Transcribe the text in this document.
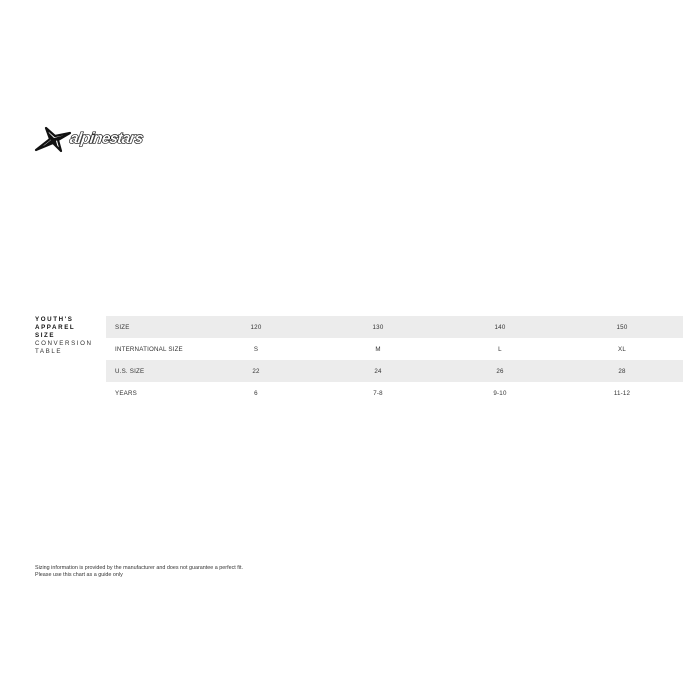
alpinestars
YOUTH'S
APPAREL
SIZE
CONVERSION
TABLE
SIZE	120	130	140	150	
INTERNATIONAL SIZE	S	M	L	XL	
U.S. SIZE	22	24	26	28	
YEARS	6	7-8	9-10	11-12	
Sizing information is provided by the manufacturer and does not guarantee a perfect fit.
Please use this chart as a guide only
